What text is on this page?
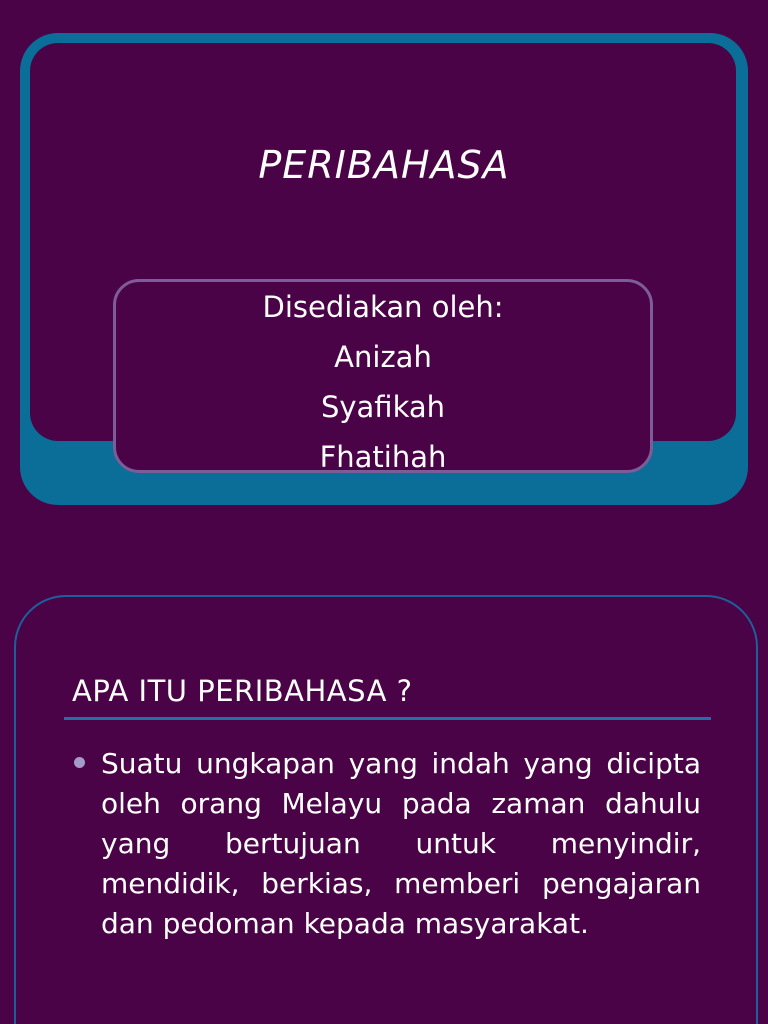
PERIBAHASA
Disediakan oleh:
Anizah
Syafikah
Fhatihah
APA ITU PERIBAHASA ?
Suatu ungkapan yang indah yang dicipta oleh orang Melayu pada zaman dahulu yang bertujuan untuk menyindir, mendidik, berkias, memberi pengajaran dan pedoman kepada masyarakat.
